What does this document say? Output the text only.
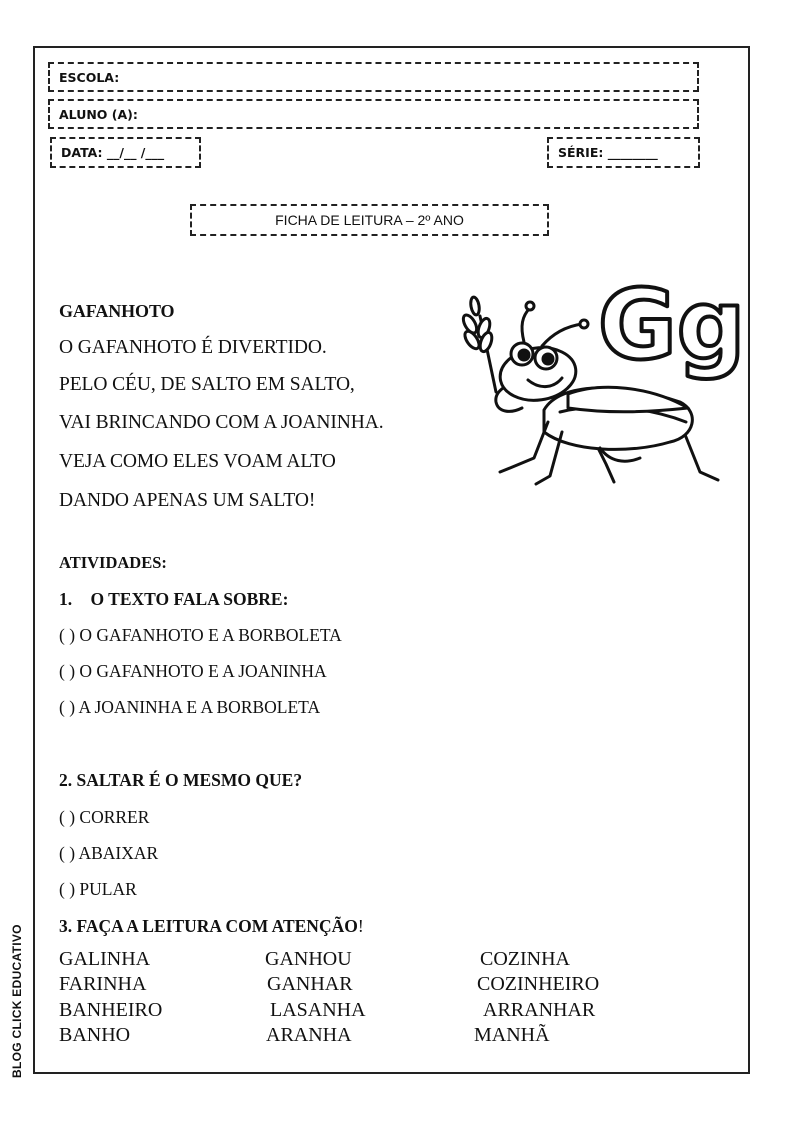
ESCOLA:
ALUNO (A):
DATA: __/__ /___	SÉRIE: ________
FICHA DE LEITURA – 2º ANO
Gg
GAFANHOTO
O GAFANHOTO É DIVERTIDO.
PELO CÉU, DE SALTO EM SALTO,
VAI BRINCANDO COM A JOANINHA.
VEJA COMO ELES VOAM ALTO
DANDO APENAS UM SALTO!
ATIVIDADES:
1. O TEXTO FALA SOBRE:
( ) O GAFANHOTO E A BORBOLETA
( ) O GAFANHOTO E A JOANINHA
( ) A JOANINHA E A BORBOLETA
2. SALTAR É O MESMO QUE?
( ) CORRER
( ) ABAIXAR
( ) PULAR
3. FAÇA A LEITURA COM ATENÇÃO!
GALINHA	GANHOU	COZINHA
FARINHA	GANHAR	COZINHEIRO
BANHEIRO	LASANHA	ARRANHAR
BANHO	ARANHA	MANHÃ
BLOG CLICK EDUCATIVO
